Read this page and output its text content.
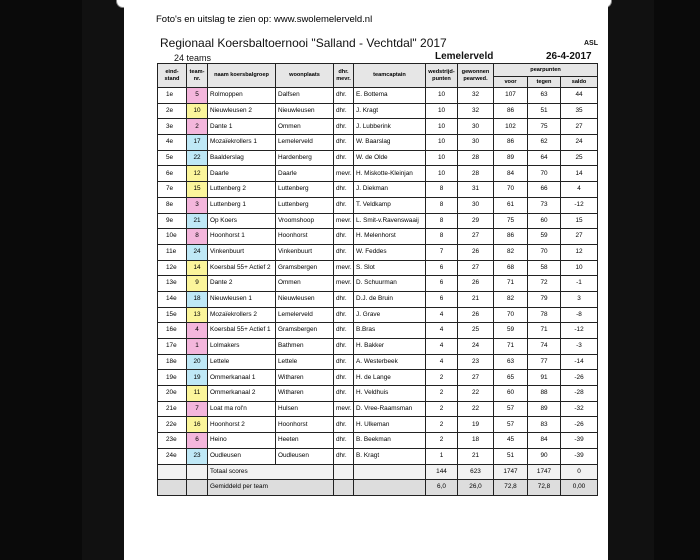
Foto's en uitslag te zien op: www.swolemelerveld.nl
Regionaal Koersbaltoernooi "Salland - Vechtdal" 2017	ASL
24 teams	Lemelerveld	26-4-2017
eind-stand	team-nr.	naam koersbalgroep	woonplaats	dhr. mevr.	teamcaptain	wedstrijd-punten	gewonnen pearwed.	pearpunten		
								voor	tegen	saldo
1e	5	Rolmoppen	Dalfsen	dhr.	E. Bottema	10	32	107	63	44
2e	10	Nieuwleusen 2	Nieuwleusen	dhr.	J. Kragt	10	32	86	51	35
3e	2	Dante 1	Ommen	dhr.	J. Lubberink	10	30	102	75	27
4e	17	Mozaïekrollers 1	Lemelerveld	dhr.	W. Baarslag	10	30	86	62	24
5e	22	Baalderslag	Hardenberg	dhr.	W. de Olde	10	28	89	64	25
6e	12	Daarle	Daarle	mevr.	H. Miskotte-Kleinjan	10	28	84	70	14
7e	15	Luttenberg 2	Luttenberg	dhr.	J. Diekman	8	31	70	66	4
8e	3	Luttenberg 1	Luttenberg	dhr.	T. Veldkamp	8	30	61	73	-12
9e	21	Op Koers	Vroomshoop	mevr.	L. Smit-v.Ravenswaaij	8	29	75	60	15
10e	8	Hoonhorst 1	Hoonhorst	dhr.	H. Melenhorst	8	27	86	59	27
11e	24	Vinkenbuurt	Vinkenbuurt	dhr.	W. Feddes	7	26	82	70	12
12e	14	Koersbal 55+ Actief 2	Gramsbergen	mevr.	S. Slot	6	27	68	58	10
13e	9	Dante 2	Ommen	mevr.	D. Schuurman	6	26	71	72	-1
14e	18	Nieuwleusen 1	Nieuwleusen	dhr.	D.J. de Bruin	6	21	82	79	3
15e	13	Mozaïekrollers 2	Lemelerveld	dhr.	J. Grave	4	26	70	78	-8
16e	4	Koersbal 55+ Actief 1	Gramsbergen	dhr.	B.Bras	4	25	59	71	-12
17e	1	Lolmakers	Bathmen	dhr.	H. Bakker	4	24	71	74	-3
18e	20	Lettele	Lettele	dhr.	A. Westerbeek	4	23	63	77	-14
19e	19	Ommerkanaal 1	Witharen	dhr.	H. de Lange	2	27	65	91	-26
20e	11	Ommerkanaal 2	Witharen	dhr.	H. Veldhuis	2	22	60	88	-28
21e	7	Loat ma rol'n	Hulsen	mevr.	D. Vree-Raamsman	2	22	57	89	-32
22e	16	Hoonhorst 2	Hoonhorst	dhr.	H. Ulkeman	2	19	57	83	-26
23e	6	Heino	Heeten	dhr.	B. Beekman	2	18	45	84	-39
24e	23	Oudleusen	Oudleusen	dhr.	B. Kragt	1	21	51	90	-39
		Totaal scores				144	623	1747	1747	0
		Gemiddeld per team				6,0	26,0	72,8	72,8	0,00
